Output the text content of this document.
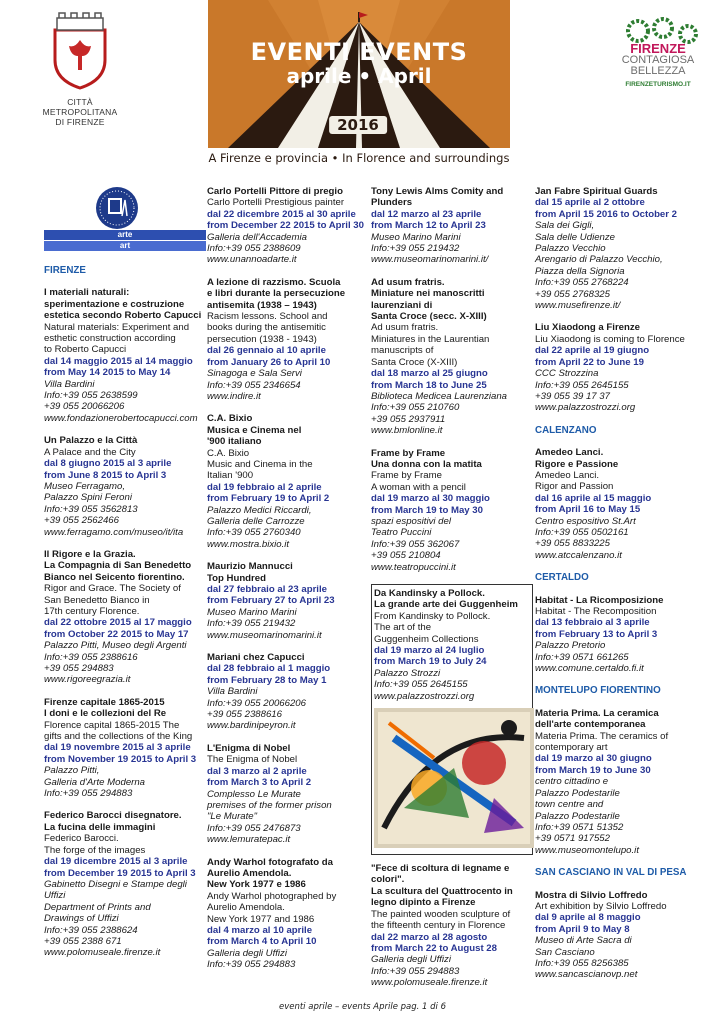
CITTÀ METROPOLITANA
DI FIRENZE
EVENTI EVENTS
aprile • April
2016
A Firenze e provincia • In Florence and surroundings
FIRENZE
CONTAGIOSA
BELLEZZA
FIRENZETURISMO.IT
arte
art
FIRENZE
I materiali naturali:
sperimentazione e costruzione
estetica secondo Roberto Capucci
Natural materials: Experiment and
esthetic construction according
to Roberto Capucci
dal 14 maggio 2015 al 14 maggio
from May 14 2015 to May 14
Villa Bardini
Info:+39 055 2638599
+39 055 20066206
www.fondazionerobertocapucci.com
Un Palazzo e la Città
A Palace and the City
dal 8 giugno 2015 al 3 aprile
from June 8 2015 to April 3
Museo Ferragamo,
Palazzo Spini Feroni
Info:+39 055 3562813
+39 055 2562466
www.ferragamo.com/museo/it/ita
Il Rigore e la Grazia.
La Compagnia di San Benedetto
Bianco nel Seicento fiorentino.
Rigor and Grace. The Society of
San Benedetto Bianco in
17th century Florence.
dal 22 ottobre 2015 al 17 maggio
from October 22 2015 to May 17
Palazzo Pitti, Museo degli Argenti
Info:+39 055 2388616
+39 055 294883
www.rigoreegrazia.it
Firenze capitale 1865-2015
I doni e le collezioni del Re
Florence capital 1865-2015 The
gifts and the collections of the King
dal 19 novembre 2015 al 3 aprile
from November 19 2015 to April 3
Palazzo Pitti,
Galleria d'Arte Moderna
Info:+39 055 294883
Federico Barocci disegnatore.
La fucina delle immagini
Federico Barocci.
The forge of the images
dal 19 dicembre 2015 al 3 aprile
from December 19 2015 to April 3
Gabinetto Disegni e Stampe degli
Uffizi
Department of Prints and
Drawings of Uffizi
Info:+39 055 2388624
+39 055 2388 671
www.polomuseale.firenze.it
Carlo Portelli Pittore di pregio
Carlo Portelli Prestigious painter
dal 22 dicembre 2015 al 30 aprile
from December 22 2015 to April 30
Galleria dell'Accademia
Info:+39 055 2388609
www.unannoadarte.it
A lezione di razzismo. Scuola
e libri durante la persecuzione
antisemita (1938 – 1943)
Racism lessons. School and
books during the antisemitic
persecution (1938 - 1943)
dal 26 gennaio al 10 aprile
from January 26 to April 10
Sinagoga e Sala Servi
Info:+39 055 2346654
www.indire.it
C.A. Bixio
Musica e Cinema nel
'900 italiano
C.A. Bixio
Music and Cinema in the
Italian '900
dal 19 febbraio al 2 aprile
from February 19 to April 2
Palazzo Medici Riccardi,
Galleria delle Carrozze
Info:+39 055 2760340
www.mostra.bixio.it
Maurizio Mannucci
Top Hundred
dal 27 febbraio al 23 aprile
from February 27 to April 23
Museo Marino Marini
Info:+39 055 219432
www.museomarinomarini.it
Mariani chez Capucci
dal 28 febbraio al 1 maggio
from February 28 to May 1
Villa Bardini
Info:+39 055 20066206
+39 055 2388616
www.bardinipeyron.it
L'Enigma di Nobel
The Enigma of Nobel
dal 3 marzo al 2 aprile
from March 3 to April 2
Complesso Le Murate
premises of the former prison
"Le Murate"
Info:+39 055 2476873
www.lemuratepac.it
Andy Warhol fotografato da
Aurelio Amendola.
New York 1977 e 1986
Andy Warhol photographed by
Aurelio Amendola.
New York 1977 and 1986
dal 4 marzo al 10 aprile
from March 4 to April 10
Galleria degli Uffizi
Info:+39 055 294883
Tony Lewis Alms Comity and
Plunders
dal 12 marzo al 23 aprile
from March 12 to April 23
Museo Marino Marini
Info:+39 055 219432
www.museomarinomarini.it/
Ad usum fratris.
Miniature nei manoscritti
laurenziani di
Santa Croce (secc. X-XIII)
Ad usum fratris.
Miniatures in the Laurentian
manuscripts of
Santa Croce (X-XIII)
dal 18 marzo al 25 giugno
from March 18 to June 25
Biblioteca Medicea Laurenziana
Info:+39 055 210760
+39 055 2937911
www.bmlonline.it
Frame by Frame
Una donna con la matita
Frame by Frame
A woman with a pencil
dal 19 marzo al 30 maggio
from March 19 to May 30
spazi espositivi del
Teatro Puccini
Info:+39 055 362067
+39 055 210804
www.teatropuccini.it
Da Kandinsky a Pollock.
La grande arte dei Guggenheim
From Kandinsky to Pollock.
The art of the
Guggenheim Collections
dal 19 marzo al 24 luglio
from March 19 to July 24
Palazzo Strozzi
Info:+39 055 2645155
www.palazzostrozzi.org
"Fece di scoltura di legname e
colori".
La scultura del Quattrocento in
legno dipinto a Firenze
The painted wooden sculpture of
the fifteenth century in Florence
dal 22 marzo al 28 agosto
from March 22 to August 28
Galleria degli Uffizi
Info:+39 055 294883
www.polomuseale.firenze.it
Jan Fabre Spiritual Guards
dal 15 aprile al 2 ottobre
from April 15 2016 to October 2
Sala dei Gigli,
Sala delle Udienze
Palazzo Vecchio
Arengario di Palazzo Vecchio,
Piazza della Signoria
Info:+39 055 2768224
+39 055 2768325
www.musefirenze.it/
Liu Xiaodong a Firenze
Liu Xiaodong is coming to Florence
dal 22 aprile al 19 giugno
from April 22 to June 19
CCC Strozzina
Info:+39 055 2645155
+39 055 39 17 37
www.palazzostrozzi.org
CALENZANO
Amedeo Lanci.
Rigore e Passione
Amedeo Lanci.
Rigor and Passion
dal 16 aprile al 15 maggio
from April 16 to May 15
Centro espositivo St.Art
Info:+39 055 0502161
+39 055 8833225
www.atccalenzano.it
CERTALDO
Habitat - La Ricomposizione
Habitat - The Recomposition
dal 13 febbraio al 3 aprile
from February 13 to April 3
Palazzo Pretorio
Info:+39 0571 661265
www.comune.certaldo.fi.it
MONTELUPO FIORENTINO
Materia Prima. La ceramica
dell'arte contemporanea
Materia Prima. The ceramics of
contemporary art
dal 19 marzo al 30 giugno
from March 19 to June 30
centro cittadino e
Palazzo Podestarile
town centre and
Palazzo Podestarile
Info:+39 0571 51352
+39 0571 917552
www.museomontelupo.it
SAN CASCIANO IN VAL DI PESA
Mostra di Silvio Loffredo
Art exhibition by Silvio Loffredo
dal 9 aprile al 8 maggio
from April 9 to May 8
Museo di Arte Sacra di
San Casciano
Info:+39 055 8256385
www.sancascianovp.net
eventi aprile – events Aprile pag. 1 di 6
